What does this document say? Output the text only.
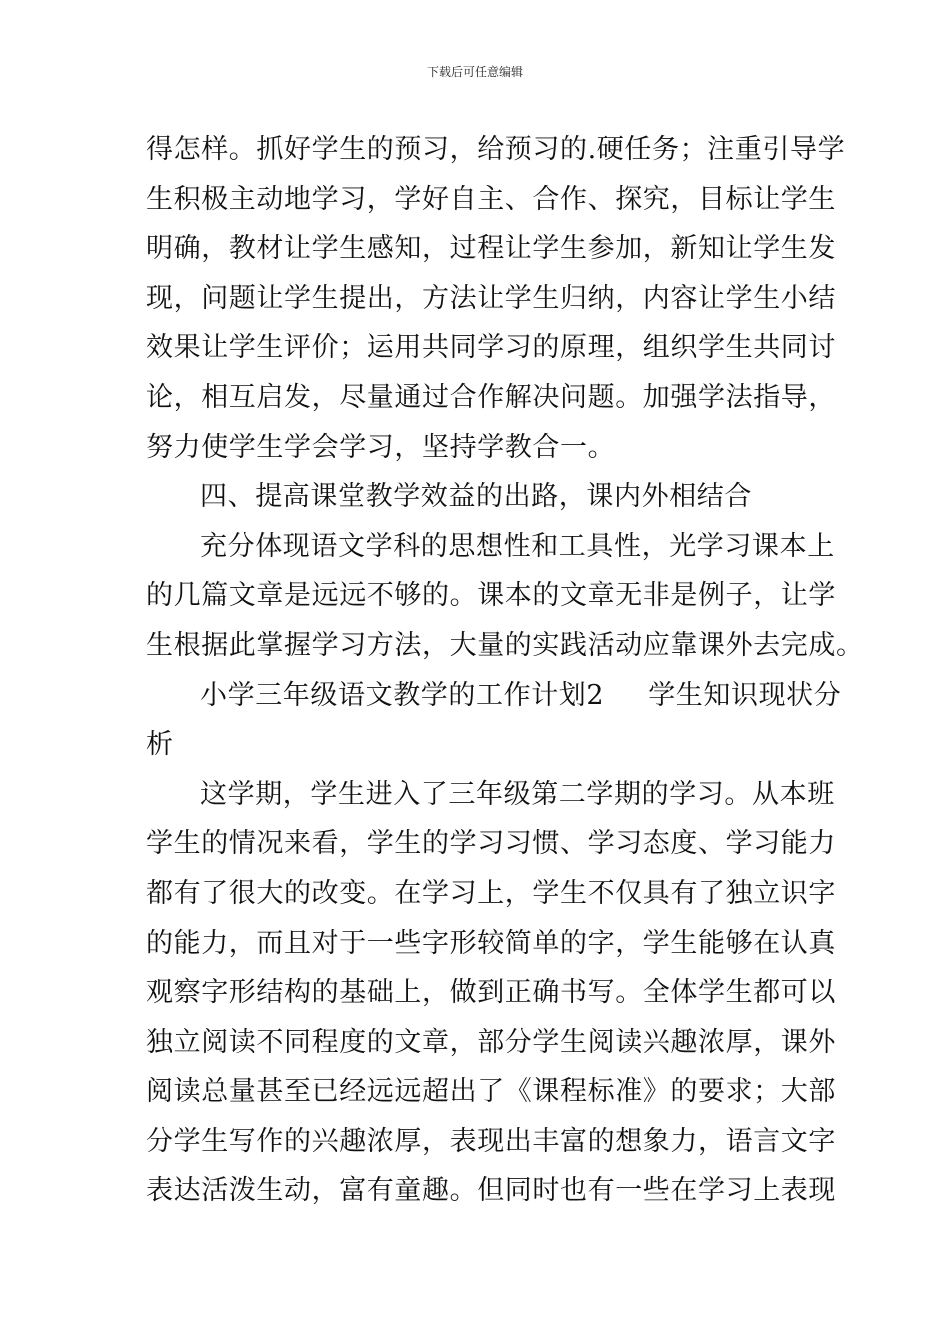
下载后可任意编辑
得怎样。抓好学生的预习，给预习的.硬任务；注重引导学
生积极主动地学习，学好自主、合作、探究，目标让学生
明确，教材让学生感知，过程让学生参加，新知让学生发
现，问题让学生提出，方法让学生归纳，内容让学生小结
效果让学生评价；运用共同学习的原理，组织学生共同讨
论，相互启发，尽量通过合作解决问题。加强学法指导，
努力使学生学会学习，坚持学教合一。
四、提高课堂教学效益的出路，课内外相结合
充分体现语文学科的思想性和工具性，光学习课本上
的几篇文章是远远不够的。课本的文章无非是例子，让学
生根据此掌握学习方法，大量的实践活动应靠课外去完成。
小学三年级语文教学的工作计划2 学生知识现状分
析
这学期，学生进入了三年级第二学期的学习。从本班
学生的情况来看，学生的学习习惯、学习态度、学习能力
都有了很大的改变。在学习上，学生不仅具有了独立识字
的能力，而且对于一些字形较简单的字，学生能够在认真
观察字形结构的基础上，做到正确书写。全体学生都可以
独立阅读不同程度的文章，部分学生阅读兴趣浓厚，课外
阅读总量甚至已经远远超出了《课程标准》的要求；大部
分学生写作的兴趣浓厚，表现出丰富的想象力，语言文字
表达活泼生动，富有童趣。但同时也有一些在学习上表现
